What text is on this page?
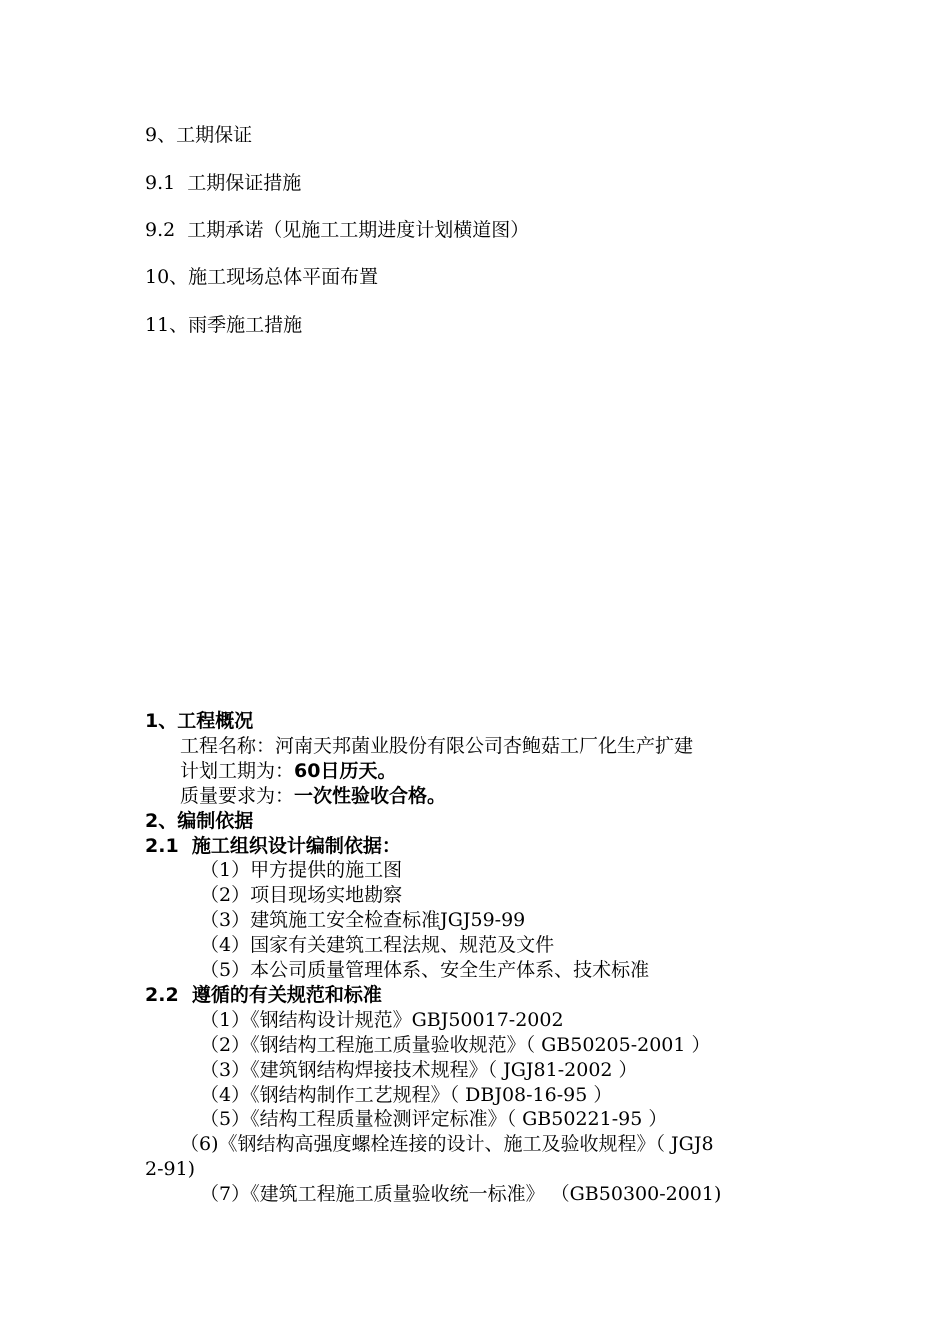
9、工期保证
9.1  工期保证措施
9.2  工期承诺（见施工工期进度计划横道图）
10、施工现场总体平面布置
11、雨季施工措施
1、工程概况
工程名称：河南天邦菌业股份有限公司杏鲍菇工厂化生产扩建
计划工期为：60日历天。
质量要求为：一次性验收合格。
2、编制依据
2.1  施工组织设计编制依据：
（1）甲方提供的施工图
（2）项目现场实地勘察
（3）建筑施工安全检查标准JGJ59-99
（4）国家有关建筑工程法规、规范及文件
（5）本公司质量管理体系、安全生产体系、技术标准
2.2  遵循的有关规范和标准
（1）《钢结构设计规范》GBJ50017-2002
（2）《钢结构工程施工质量验收规范》（ GB50205-2001 ）
（3）《建筑钢结构焊接技术规程》（ JGJ81-2002 ）
（4）《钢结构制作工艺规程》（ DBJ08-16-95 ）
（5）《结构工程质量检测评定标准》（ GB50221-95 ）
（6)《钢结构高强度螺栓连接的设计、施工及验收规程》（ JGJ8
2-91)
（7）《建筑工程施工质量验收统一标准》 （GB50300-2001)
